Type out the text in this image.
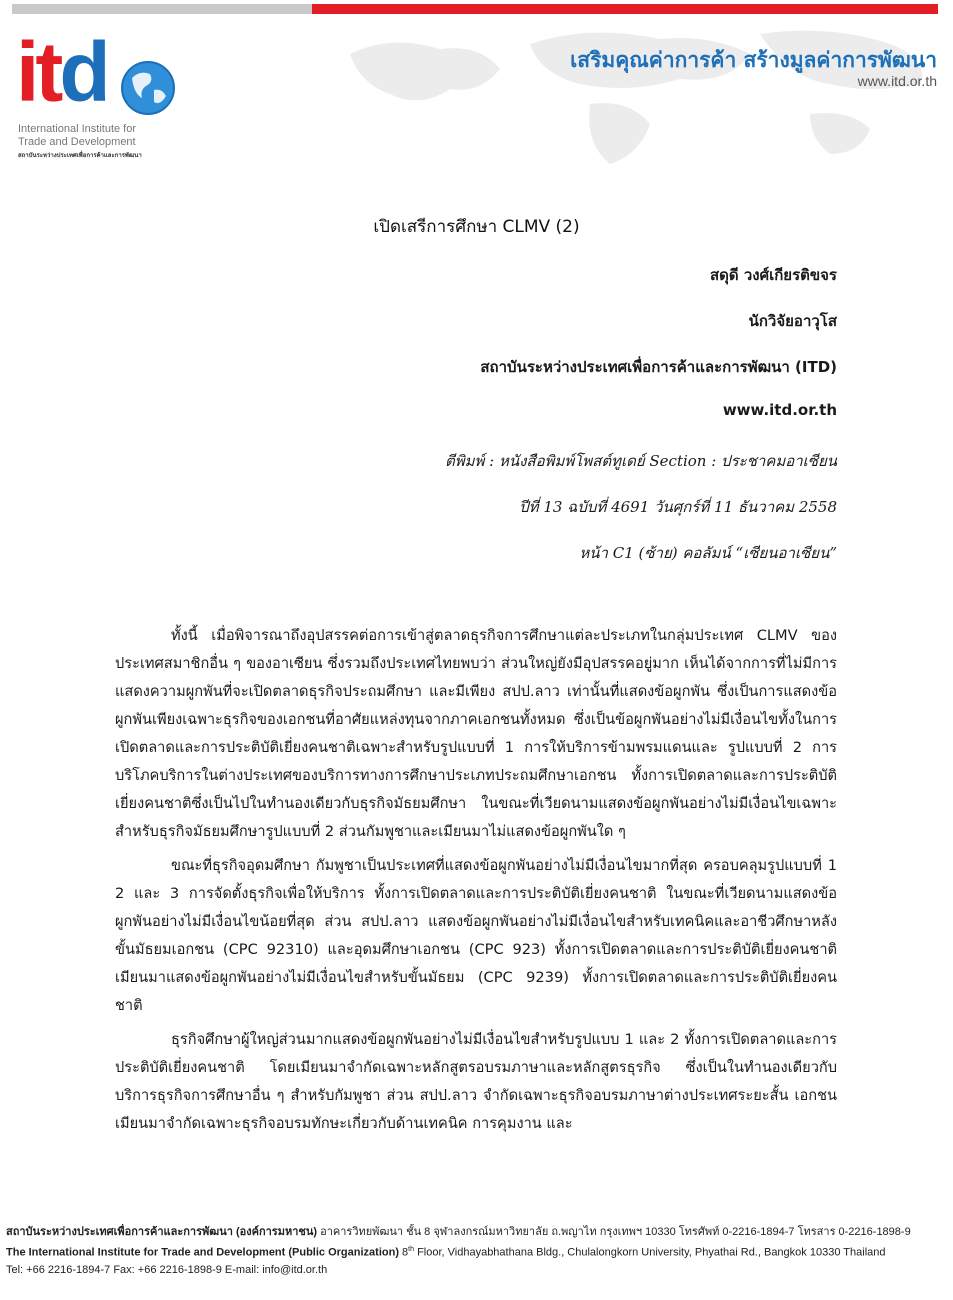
itd
International Institute for
Trade and Development
สถาบันระหว่างประเทศเพื่อการค้าและการพัฒนา
เสริมคุณค่าการค้า สร้างมูลค่าการพัฒนา
www.itd.or.th
เปิดเสรีการศึกษา CLMV (2)
สดุดี วงศ์เกียรติขจร
นักวิจัยอาวุโส
สถาบันระหว่างประเทศเพื่อการค้าและการพัฒนา (ITD)
www.itd.or.th
ตีพิมพ์ : หนังสือพิมพ์โพสต์ทูเดย์ Section : ประชาคมอาเซียน
ปีที่ 13 ฉบับที่ 4691 วันศุกร์ที่ 11 ธันวาคม 2558
หน้า C1 (ซ้าย) คอลัมน์ “เซียนอาเซียน”

ทั้งนี้ เมื่อพิจารณาถึงอุปสรรคต่อการเข้าสู่ตลาดธุรกิจการศึกษาแต่ละประเภทในกลุ่มประเทศ CLMV ของประเทศสมาชิกอื่น ๆ ของอาเซียน ซึ่งรวมถึงประเทศไทยพบว่า ส่วนใหญ่ยังมีอุปสรรคอยู่มาก เห็นได้จากการที่ไม่มีการแสดงความผูกพันที่จะเปิดตลาดธุรกิจประถมศึกษา และมีเพียง สปป.ลาว เท่านั้นที่แสดงข้อผูกพัน ซึ่งเป็นการแสดงข้อผูกพันเพียงเฉพาะธุรกิจของเอกชนที่อาศัยแหล่งทุนจากภาคเอกชนทั้งหมด ซึ่งเป็นข้อผูกพันอย่างไม่มีเงื่อนไขทั้งในการเปิดตลาดและการประติบัติเยี่ยงคนชาติเฉพาะสำหรับรูปแบบที่ 1 การให้บริการข้ามพรมแดนและ รูปแบบที่ 2 การบริโภคบริการในต่างประเทศของบริการทางการศึกษาประเภทประถมศึกษาเอกชน ทั้งการเปิดตลาดและการประติบัติเยี่ยงคนชาติซึ่งเป็นไปในทำนองเดียวกับธุรกิจมัธยมศึกษา ในขณะที่เวียดนามแสดงข้อผูกพันอย่างไม่มีเงื่อนไขเฉพาะสำหรับธุรกิจมัธยมศึกษารูปแบบที่ 2 ส่วนกัมพูชาและเมียนมาไม่แสดงข้อผูกพันใด ๆ

ขณะที่ธุรกิจอุดมศึกษา กัมพูชาเป็นประเทศที่แสดงข้อผูกพันอย่างไม่มีเงื่อนไขมากที่สุด ครอบคลุมรูปแบบที่ 1 2 และ 3 การจัดตั้งธุรกิจเพื่อให้บริการ ทั้งการเปิดตลาดและการประติบัติเยี่ยงคนชาติ ในขณะที่เวียดนามแสดงข้อผูกพันอย่างไม่มีเงื่อนไขน้อยที่สุด ส่วน สปป.ลาว แสดงข้อผูกพันอย่างไม่มีเงื่อนไขสำหรับเทคนิคและอาชีวศึกษาหลังขั้นมัธยมเอกชน (CPC 92310) และอุดมศึกษาเอกชน (CPC 923) ทั้งการเปิดตลาดและการประติบัติเยี่ยงคนชาติ เมียนมาแสดงข้อผูกพันอย่างไม่มีเงื่อนไขสำหรับขั้นมัธยม (CPC 9239) ทั้งการเปิดตลาดและการประติบัติเยี่ยงคนชาติ

ธุรกิจศึกษาผู้ใหญ่ส่วนมากแสดงข้อผูกพันอย่างไม่มีเงื่อนไขสำหรับรูปแบบ 1 และ 2 ทั้งการเปิดตลาดและการประติบัติเยี่ยงคนชาติ โดยเมียนมาจำกัดเฉพาะหลักสูตรอบรมภาษาและหลักสูตรธุรกิจ ซึ่งเป็นในทำนองเดียวกับบริการธุรกิจการศึกษาอื่น ๆ สำหรับกัมพูชา ส่วน สปป.ลาว จำกัดเฉพาะธุรกิจอบรมภาษาต่างประเทศระยะสั้น เอกชนเมียนมาจำกัดเฉพาะธุรกิจอบรมทักษะเกี่ยวกับด้านเทคนิค การคุมงาน และ

สถาบันระหว่างประเทศเพื่อการค้าและการพัฒนา (องค์การมหาชน) อาคารวิทยพัฒนา ชั้น 8 จุฬาลงกรณ์มหาวิทยาลัย ถ.พญาไท กรุงเทพฯ 10330 โทรศัพท์ 0-2216-1894-7 โทรสาร 0-2216-1898-9
The International Institute for Trade and Development (Public Organization) 8th Floor, Vidhayabhathana Bldg., Chulalongkorn University, Phyathai Rd., Bangkok 10330 Thailand
Tel: +66 2216-1894-7 Fax: +66 2216-1898-9 E-mail: info@itd.or.th
